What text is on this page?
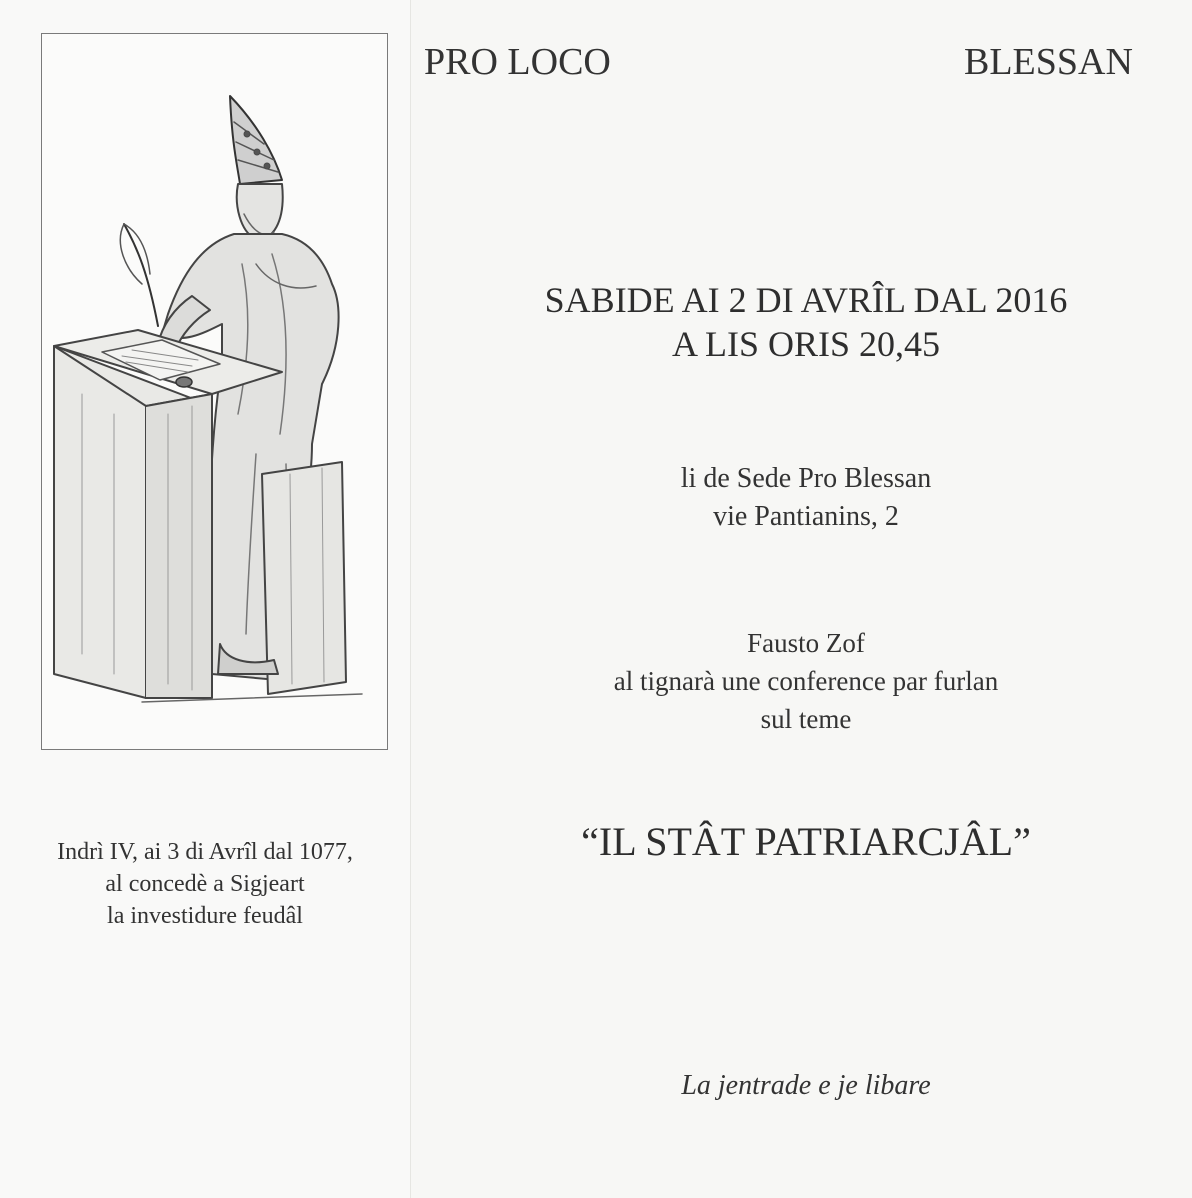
Indrì IV, ai 3 di Avrîl dal 1077,
al concedè a Sigjeart
la investidure feudâl
PRO LOCO	BLESSAN
SABIDE AI 2 DI AVRÎL DAL 2016
A LIS ORIS 20,45
li de Sede Pro Blessan
vie Pantianins, 2
Fausto Zof
al tignarà une conference par furlan
sul teme
“IL STÂT PATRIARCJÂL”
La jentrade e je libare
